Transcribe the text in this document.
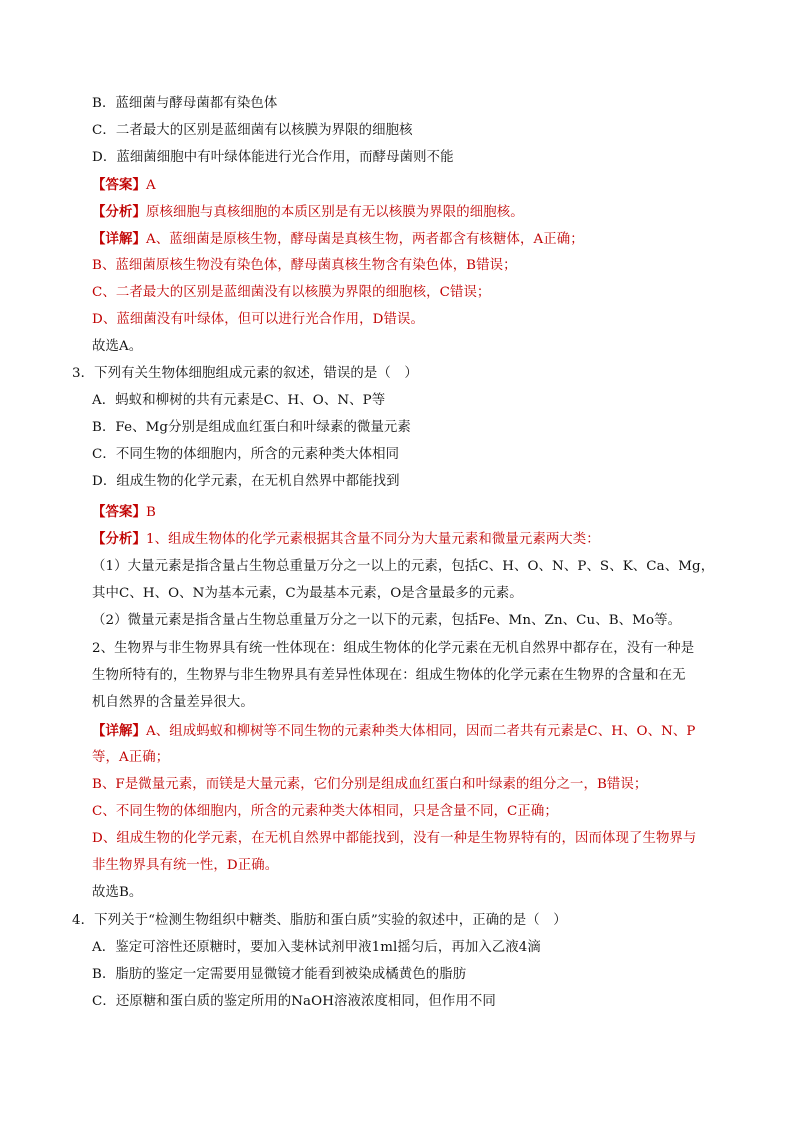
B．蓝细菌与酵母菌都有染色体
C．二者最大的区别是蓝细菌有以核膜为界限的细胞核
D．蓝细菌细胞中有叶绿体能进行光合作用，而酵母菌则不能
【答案】A
【分析】原核细胞与真核细胞的本质区别是有无以核膜为界限的细胞核。
【详解】A、蓝细菌是原核生物，酵母菌是真核生物，两者都含有核糖体，A正确；
B、蓝细菌原核生物没有染色体，酵母菌真核生物含有染色体，B错误；
C、二者最大的区别是蓝细菌没有以核膜为界限的细胞核，C错误；
D、蓝细菌没有叶绿体，但可以进行光合作用，D错误。
故选A。
3．下列有关生物体细胞组成元素的叙述，错误的是（　）
A．蚂蚁和柳树的共有元素是C、H、O、N、P等
B．Fe、Mg分别是组成血红蛋白和叶绿素的微量元素
C．不同生物的体细胞内，所含的元素种类大体相同
D．组成生物的化学元素，在无机自然界中都能找到
【答案】B
【分析】1、组成生物体的化学元素根据其含量不同分为大量元素和微量元素两大类：
（1）大量元素是指含量占生物总重量万分之一以上的元素，包括C、H、O、N、P、S、K、Ca、Mg，
其中C、H、O、N为基本元素，C为最基本元素，O是含量最多的元素。
（2）微量元素是指含量占生物总重量万分之一以下的元素，包括Fe、Mn、Zn、Cu、B、Mo等。
2、生物界与非生物界具有统一性体现在：组成生物体的化学元素在无机自然界中都存在，没有一种是
生物所特有的，生物界与非生物界具有差异性体现在：组成生物体的化学元素在生物界的含量和在无
机自然界的含量差异很大。
【详解】A、组成蚂蚁和柳树等不同生物的元素种类大体相同，因而二者共有元素是C、H、O、N、P
等，A正确；
B、F是微量元素，而镁是大量元素，它们分别是组成血红蛋白和叶绿素的组分之一，B错误；
C、不同生物的体细胞内，所含的元素种类大体相同，只是含量不同，C正确；
D、组成生物的化学元素，在无机自然界中都能找到，没有一种是生物界特有的，因而体现了生物界与
非生物界具有统一性，D正确。
故选B。
4．下列关于“检测生物组织中糖类、脂肪和蛋白质”实验的叙述中，正确的是（　）
A．鉴定可溶性还原糖时，要加入斐林试剂甲液1ml摇匀后，再加入乙液4滴
B．脂肪的鉴定一定需要用显微镜才能看到被染成橘黄色的脂肪
C．还原糖和蛋白质的鉴定所用的NaOH溶液浓度相同，但作用不同
